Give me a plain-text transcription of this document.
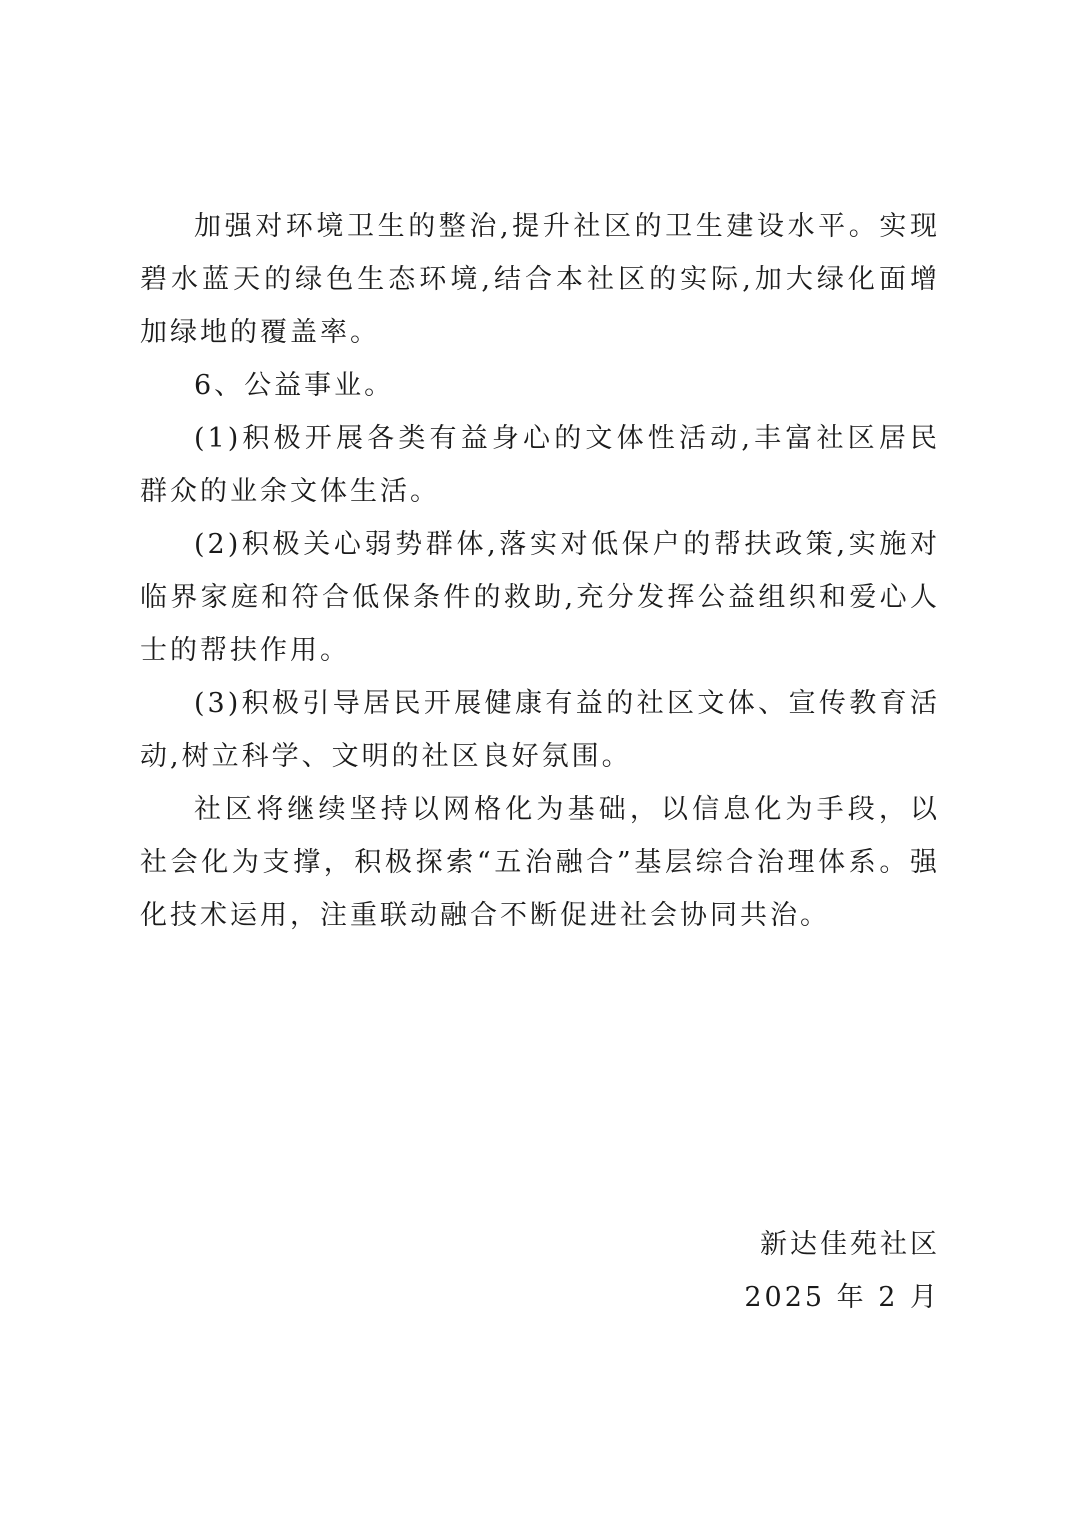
加强对环境卫生的整治,提升社区的卫生建设水平。实现碧水蓝天的绿色生态环境,结合本社区的实际,加大绿化面增加绿地的覆盖率。

6、公益事业。

(1)积极开展各类有益身心的文体性活动,丰富社区居民群众的业余文体生活。

(2)积极关心弱势群体,落实对低保户的帮扶政策,实施对临界家庭和符合低保条件的救助,充分发挥公益组织和爱心人士的帮扶作用。

(3)积极引导居民开展健康有益的社区文体、宣传教育活动,树立科学、文明的社区良好氛围。

社区将继续坚持以网格化为基础，以信息化为手段，以社会化为支撑，积极探索“五治融合”基层综合治理体系。强化技术运用，注重联动融合不断促进社会协同共治。

新达佳苑社区
2025 年 2 月
